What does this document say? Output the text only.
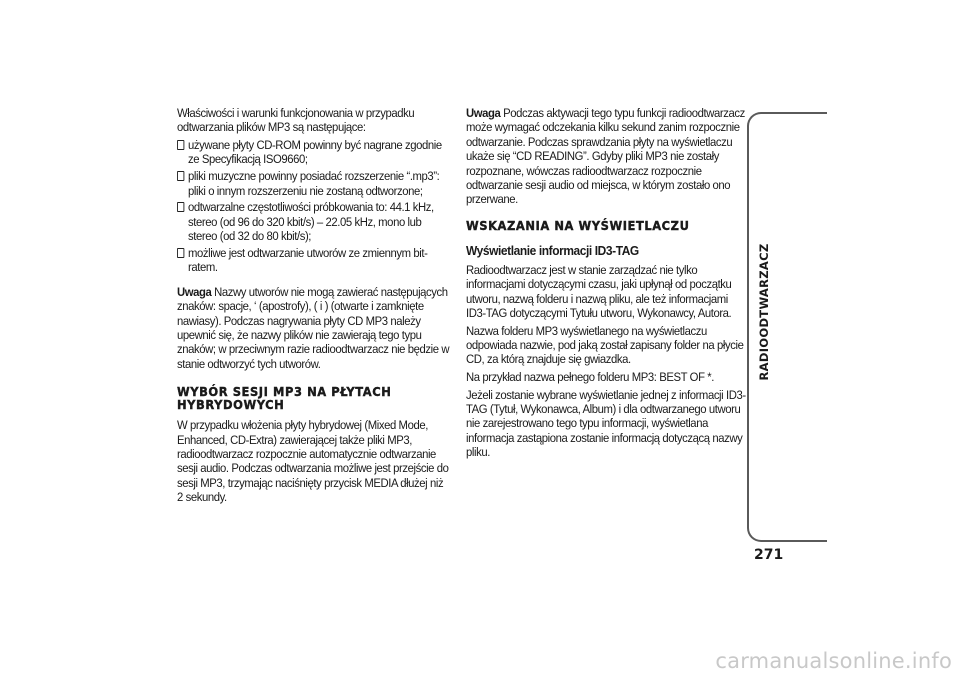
Właściwości i warunki funkcjonowania w przypadku odtwarzania plików MP3 są następujące:

używane płyty CD-ROM powinny być nagrane zgodnie ze Specyfikacją ISO9660;
pliki muzyczne powinny posiadać rozszerzenie “.mp3”: pliki o innym rozszerzeniu nie zostaną odtworzone;
odtwarzalne częstotliwości próbkowania to: 44.1 kHz, stereo (od 96 do 320 kbit/s) – 22.05 kHz, mono lub stereo (od 32 do 80 kbit/s);
możliwe jest odtwarzanie utworów ze zmiennym bit-ratem.

Uwaga Nazwy utworów nie mogą zawierać następujących znaków: spacje, ‘ (apostrofy), ( i ) (otwarte i zamknięte nawiasy). Podczas nagrywania płyty CD MP3 należy upewnić się, że nazwy plików nie zawierają tego typu znaków; w przeciwnym razie radioodtwarzacz nie będzie w stanie odtworzyć tych utworów.

WYBÓR SESJI MP3 NA PŁYTACH HYBRYDOWYCH

W przypadku włożenia płyty hybrydowej (Mixed Mode, Enhanced, CD-Extra) zawierającej także pliki MP3, radioodtwarzacz rozpocznie automatycznie odtwarzanie sesji audio. Podczas odtwarzania możliwe jest przejście do sesji MP3, trzymając naciśnięty przycisk MEDIA dłużej niż 2 sekundy.

Uwaga Podczas aktywacji tego typu funkcji radioodtwarzacz może wymagać odczekania kilku sekund zanim rozpocznie odtwarzanie. Podczas sprawdzania płyty na wyświetlaczu ukaże się “CD READING”. Gdyby pliki MP3 nie zostały rozpoznane, wówczas radioodtwarzacz rozpocznie odtwarzanie sesji audio od miejsca, w którym zostało ono przerwane.

WSKAZANIA NA WYŚWIETLACZU
Wyświetlanie informacji ID3-TAG

Radioodtwarzacz jest w stanie zarządzać nie tylko informacjami dotyczącymi czasu, jaki upłynął od początku utworu, nazwą folderu i nazwą pliku, ale też informacjami ID3-TAG dotyczącymi Tytułu utworu, Wykonawcy, Autora.

Nazwa folderu MP3 wyświetlanego na wyświetlaczu odpowiada nazwie, pod jaką został zapisany folder na płycie CD, za którą znajduje się gwiazdka.

Na przykład nazwa pełnego folderu MP3: BEST OF *.

Jeżeli zostanie wybrane wyświetlanie jednej z informacji ID3-TAG (Tytuł, Wykonawca, Album) i dla odtwarzanego utworu nie zarejestrowano tego typu informacji, wyświetlana informacja zastąpiona zostanie informacją dotyczącą nazwy pliku.

RADIOODTWARZACZ
271
carmanualsonline.info
